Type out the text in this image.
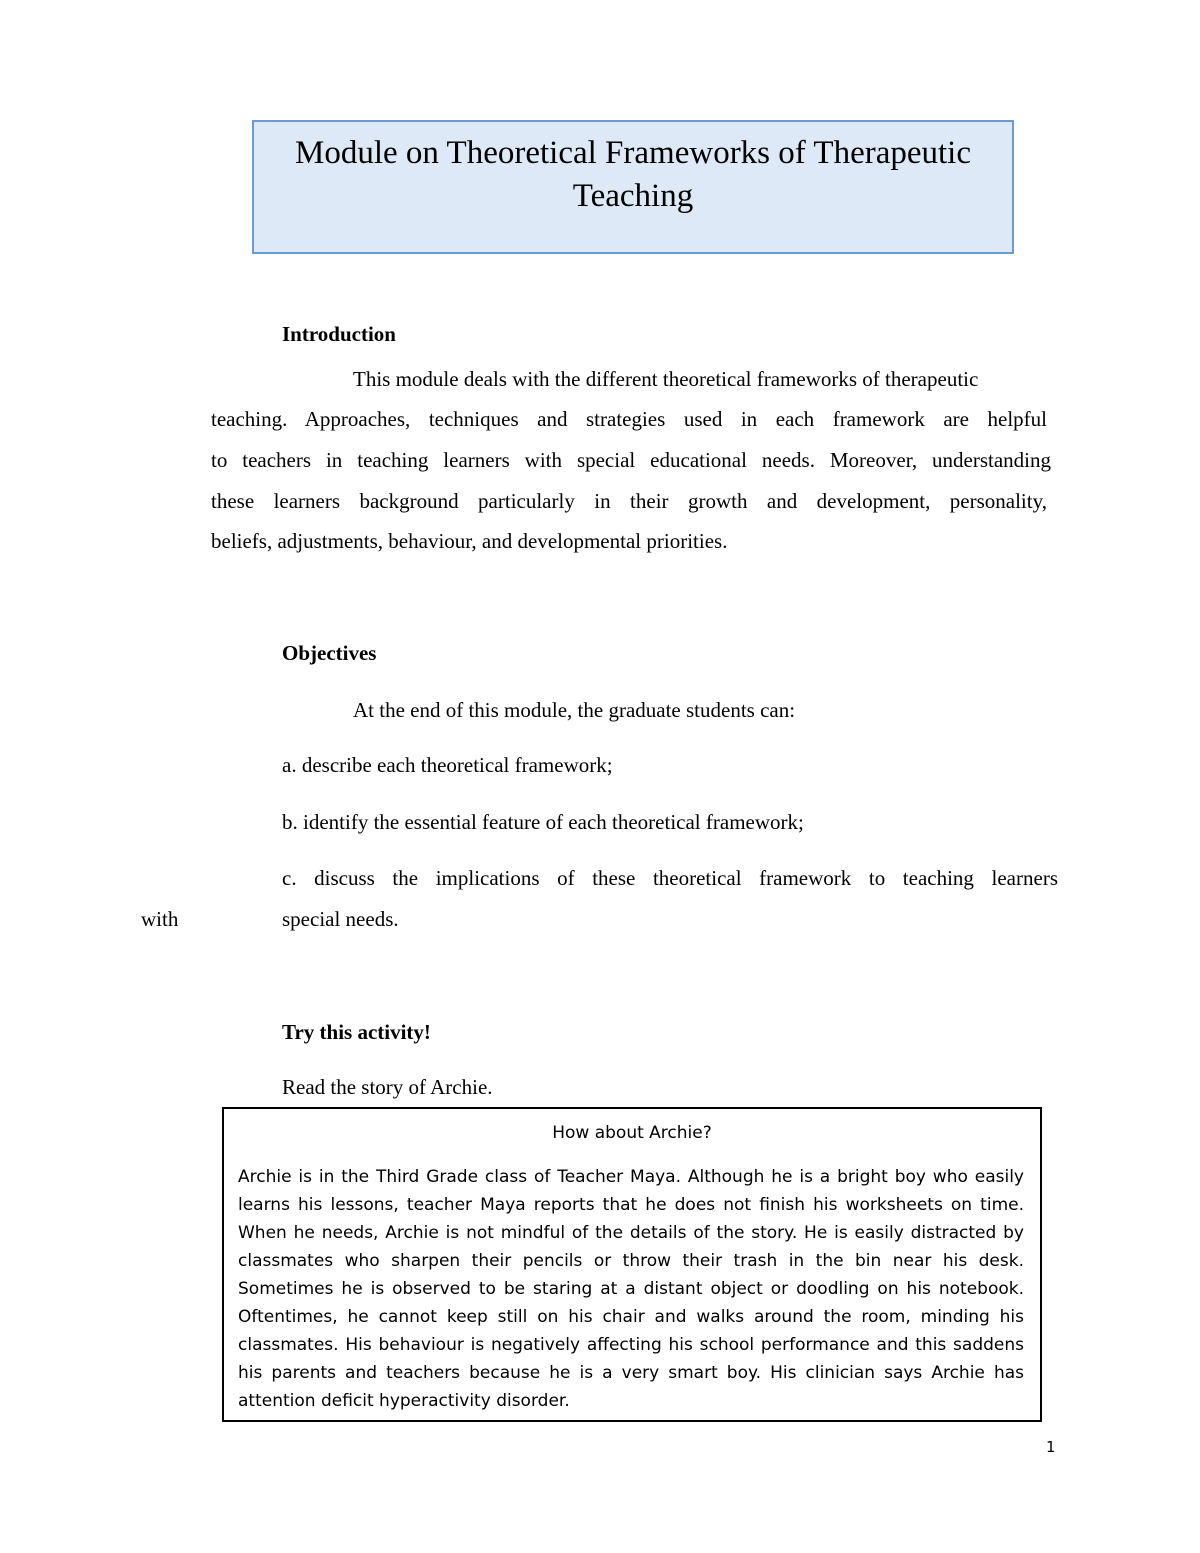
Module on Theoretical Frameworks of Therapeutic
Teaching
Introduction
This module deals with the different theoretical frameworks of therapeutic
teaching. Approaches, techniques and strategies used in each framework are helpful
to teachers in teaching learners with special educational needs. Moreover, understanding
these learners background particularly in their growth and development, personality,
beliefs, adjustments, behaviour, and developmental priorities.
Objectives
At the end of this module, the graduate students can:
a. describe each theoretical framework;
b. identify the essential feature of each theoretical framework;
c. discuss the implications of these theoretical framework to teaching learners
with	special needs.
Try this activity!
Read the story of Archie.
How about Archie?
Archie is in the Third Grade class of Teacher Maya. Although he is a bright boy who easily
learns his lessons, teacher Maya reports that he does not finish his worksheets on time.
When he needs, Archie is not mindful of the details of the story. He is easily distracted by
classmates who sharpen their pencils or throw their trash in the bin near his desk.
Sometimes he is observed to be staring at a distant object or doodling on his notebook.
Oftentimes, he cannot keep still on his chair and walks around the room, minding his
classmates. His behaviour is negatively affecting his school performance and this saddens
his parents and teachers because he is a very smart boy. His clinician says Archie has
attention deficit hyperactivity disorder.
1
